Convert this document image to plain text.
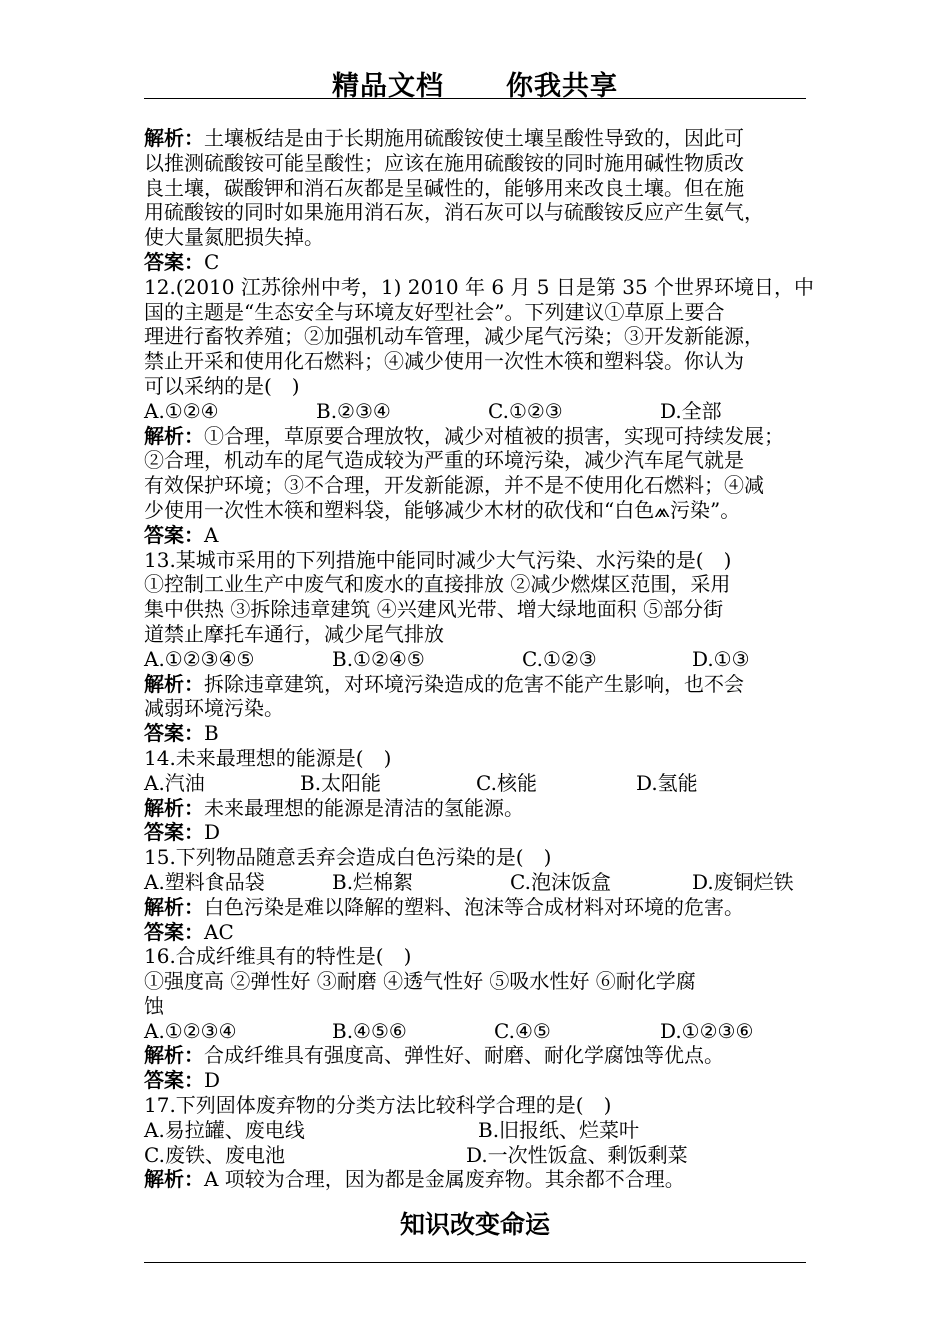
精品文档 你我共享
解析：土壤板结是由于长期施用硫酸铵使土壤呈酸性导致的，因此可
以推测硫酸铵可能呈酸性；应该在施用硫酸铵的同时施用碱性物质改
良土壤，碳酸钾和消石灰都是呈碱性的，能够用来改良土壤。但在施
用硫酸铵的同时如果施用消石灰，消石灰可以与硫酸铵反应产生氨气，
使大量氮肥损失掉。
答案：C
12.(2010 江苏徐州中考，1) 2010 年 6 月 5 日是第 35 个世界环境日，中
国的主题是“生态安全与环境友好型社会”。下列建议①草原上要合
理进行畜牧养殖；②加强机动车管理，减少尾气污染；③开发新能源，
禁止开采和使用化石燃料；④减少使用一次性木筷和塑料袋。你认为
可以采纳的是(　)
A.①②④	B.②③④	C.①②③	D.全部
解析：①合理，草原要合理放牧，减少对植被的损害，实现可持续发展；
②合理，机动车的尾气造成较为严重的环境污染，减少汽车尾气就是
有效保护环境；③不合理，开发新能源，并不是不使用化石燃料；④减
少使用一次性木筷和塑料袋，能够减少木材的砍伐和“白色⩕污染”。
答案：A
13.某城市采用的下列措施中能同时减少大气污染、水污染的是(　)
①控制工业生产中废气和废水的直接排放 ②减少燃煤区范围，采用
集中供热 ③拆除违章建筑 ④兴建风光带、增大绿地面积 ⑤部分街
道禁止摩托车通行，减少尾气排放
A.①②③④⑤	B.①②④⑤	C.①②③	D.①③
解析：拆除违章建筑，对环境污染造成的危害不能产生影响，也不会
减弱环境污染。
答案：B
14.未来最理想的能源是(　)
A.汽油	B.太阳能	C.核能	D.氢能
解析：未来最理想的能源是清洁的氢能源。
答案：D
15.下列物品随意丢弃会造成白色污染的是(　)
A.塑料食品袋	B.烂棉絮	C.泡沫饭盒	D.废铜烂铁
解析：白色污染是难以降解的塑料、泡沫等合成材料对环境的危害。
答案：AC
16.合成纤维具有的特性是(　)
①强度高 ②弹性好 ③耐磨 ④透气性好 ⑤吸水性好 ⑥耐化学腐
蚀
A.①②③④	B.④⑤⑥	C.④⑤	D.①②③⑥
解析：合成纤维具有强度高、弹性好、耐磨、耐化学腐蚀等优点。
答案：D
17.下列固体废弃物的分类方法比较科学合理的是(　)
A.易拉罐、废电线	B.旧报纸、烂菜叶
C.废铁、废电池	D.一次性饭盒、剩饭剩菜
解析：A 项较为合理，因为都是金属废弃物。其余都不合理。
知识改变命运
